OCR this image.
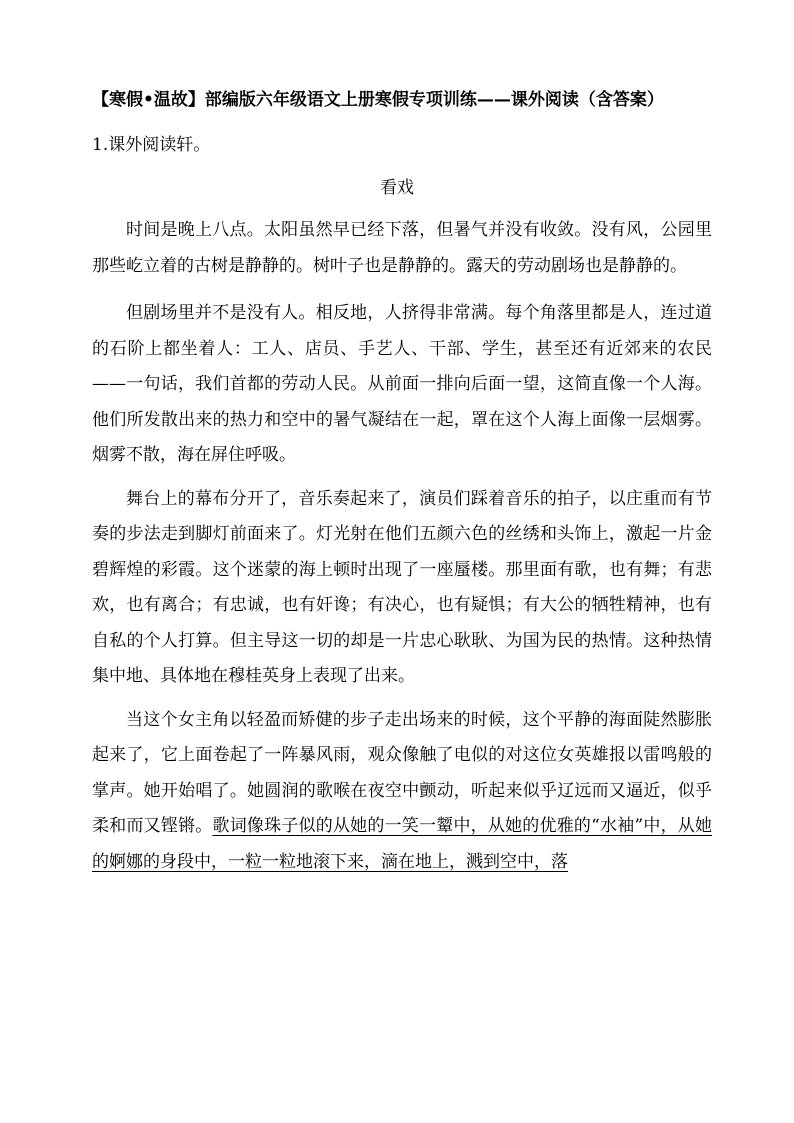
【寒假•温故】部编版六年级语文上册寒假专项训练——课外阅读（含答案）
1.课外阅读轩。
看戏

时间是晚上八点。太阳虽然早已经下落，但暑气并没有收敛。没有风，公园里那些屹立着的古树是静静的。树叶子也是静静的。露天的劳动剧场也是静静的。

但剧场里并不是没有人。相反地，人挤得非常满。每个角落里都是人，连过道的石阶上都坐着人：工人、店员、手艺人、干部、学生，甚至还有近郊来的农民——一句话，我们首都的劳动人民。从前面一排向后面一望，这简直像一个人海。他们所发散出来的热力和空中的暑气凝结在一起，罩在这个人海上面像一层烟雾。烟雾不散，海在屏住呼吸。

舞台上的幕布分开了，音乐奏起来了，演员们踩着音乐的拍子，以庄重而有节奏的步法走到脚灯前面来了。灯光射在他们五颜六色的丝绣和头饰上，激起一片金碧辉煌的彩霞。这个迷蒙的海上顿时出现了一座蜃楼。那里面有歌，也有舞；有悲欢，也有离合；有忠诚，也有奸谗；有决心，也有疑惧；有大公的牺牲精神，也有自私的个人打算。但主导这一切的却是一片忠心耿耿、为国为民的热情。这种热情集中地、具体地在穆桂英身上表现了出来。

当这个女主角以轻盈而矫健的步子走出场来的时候，这个平静的海面陡然膨胀起来了，它上面卷起了一阵暴风雨，观众像触了电似的对这位女英雄报以雷鸣般的掌声。她开始唱了。她圆润的歌喉在夜空中颤动，听起来似乎辽远而又逼近，似乎柔和而又铿锵。歌词像珠子似的从她的一笑一颦中，从她的优雅的“水袖”中，从她的婀娜的身段中，一粒一粒地滚下来，滴在地上，溅到空中，落
